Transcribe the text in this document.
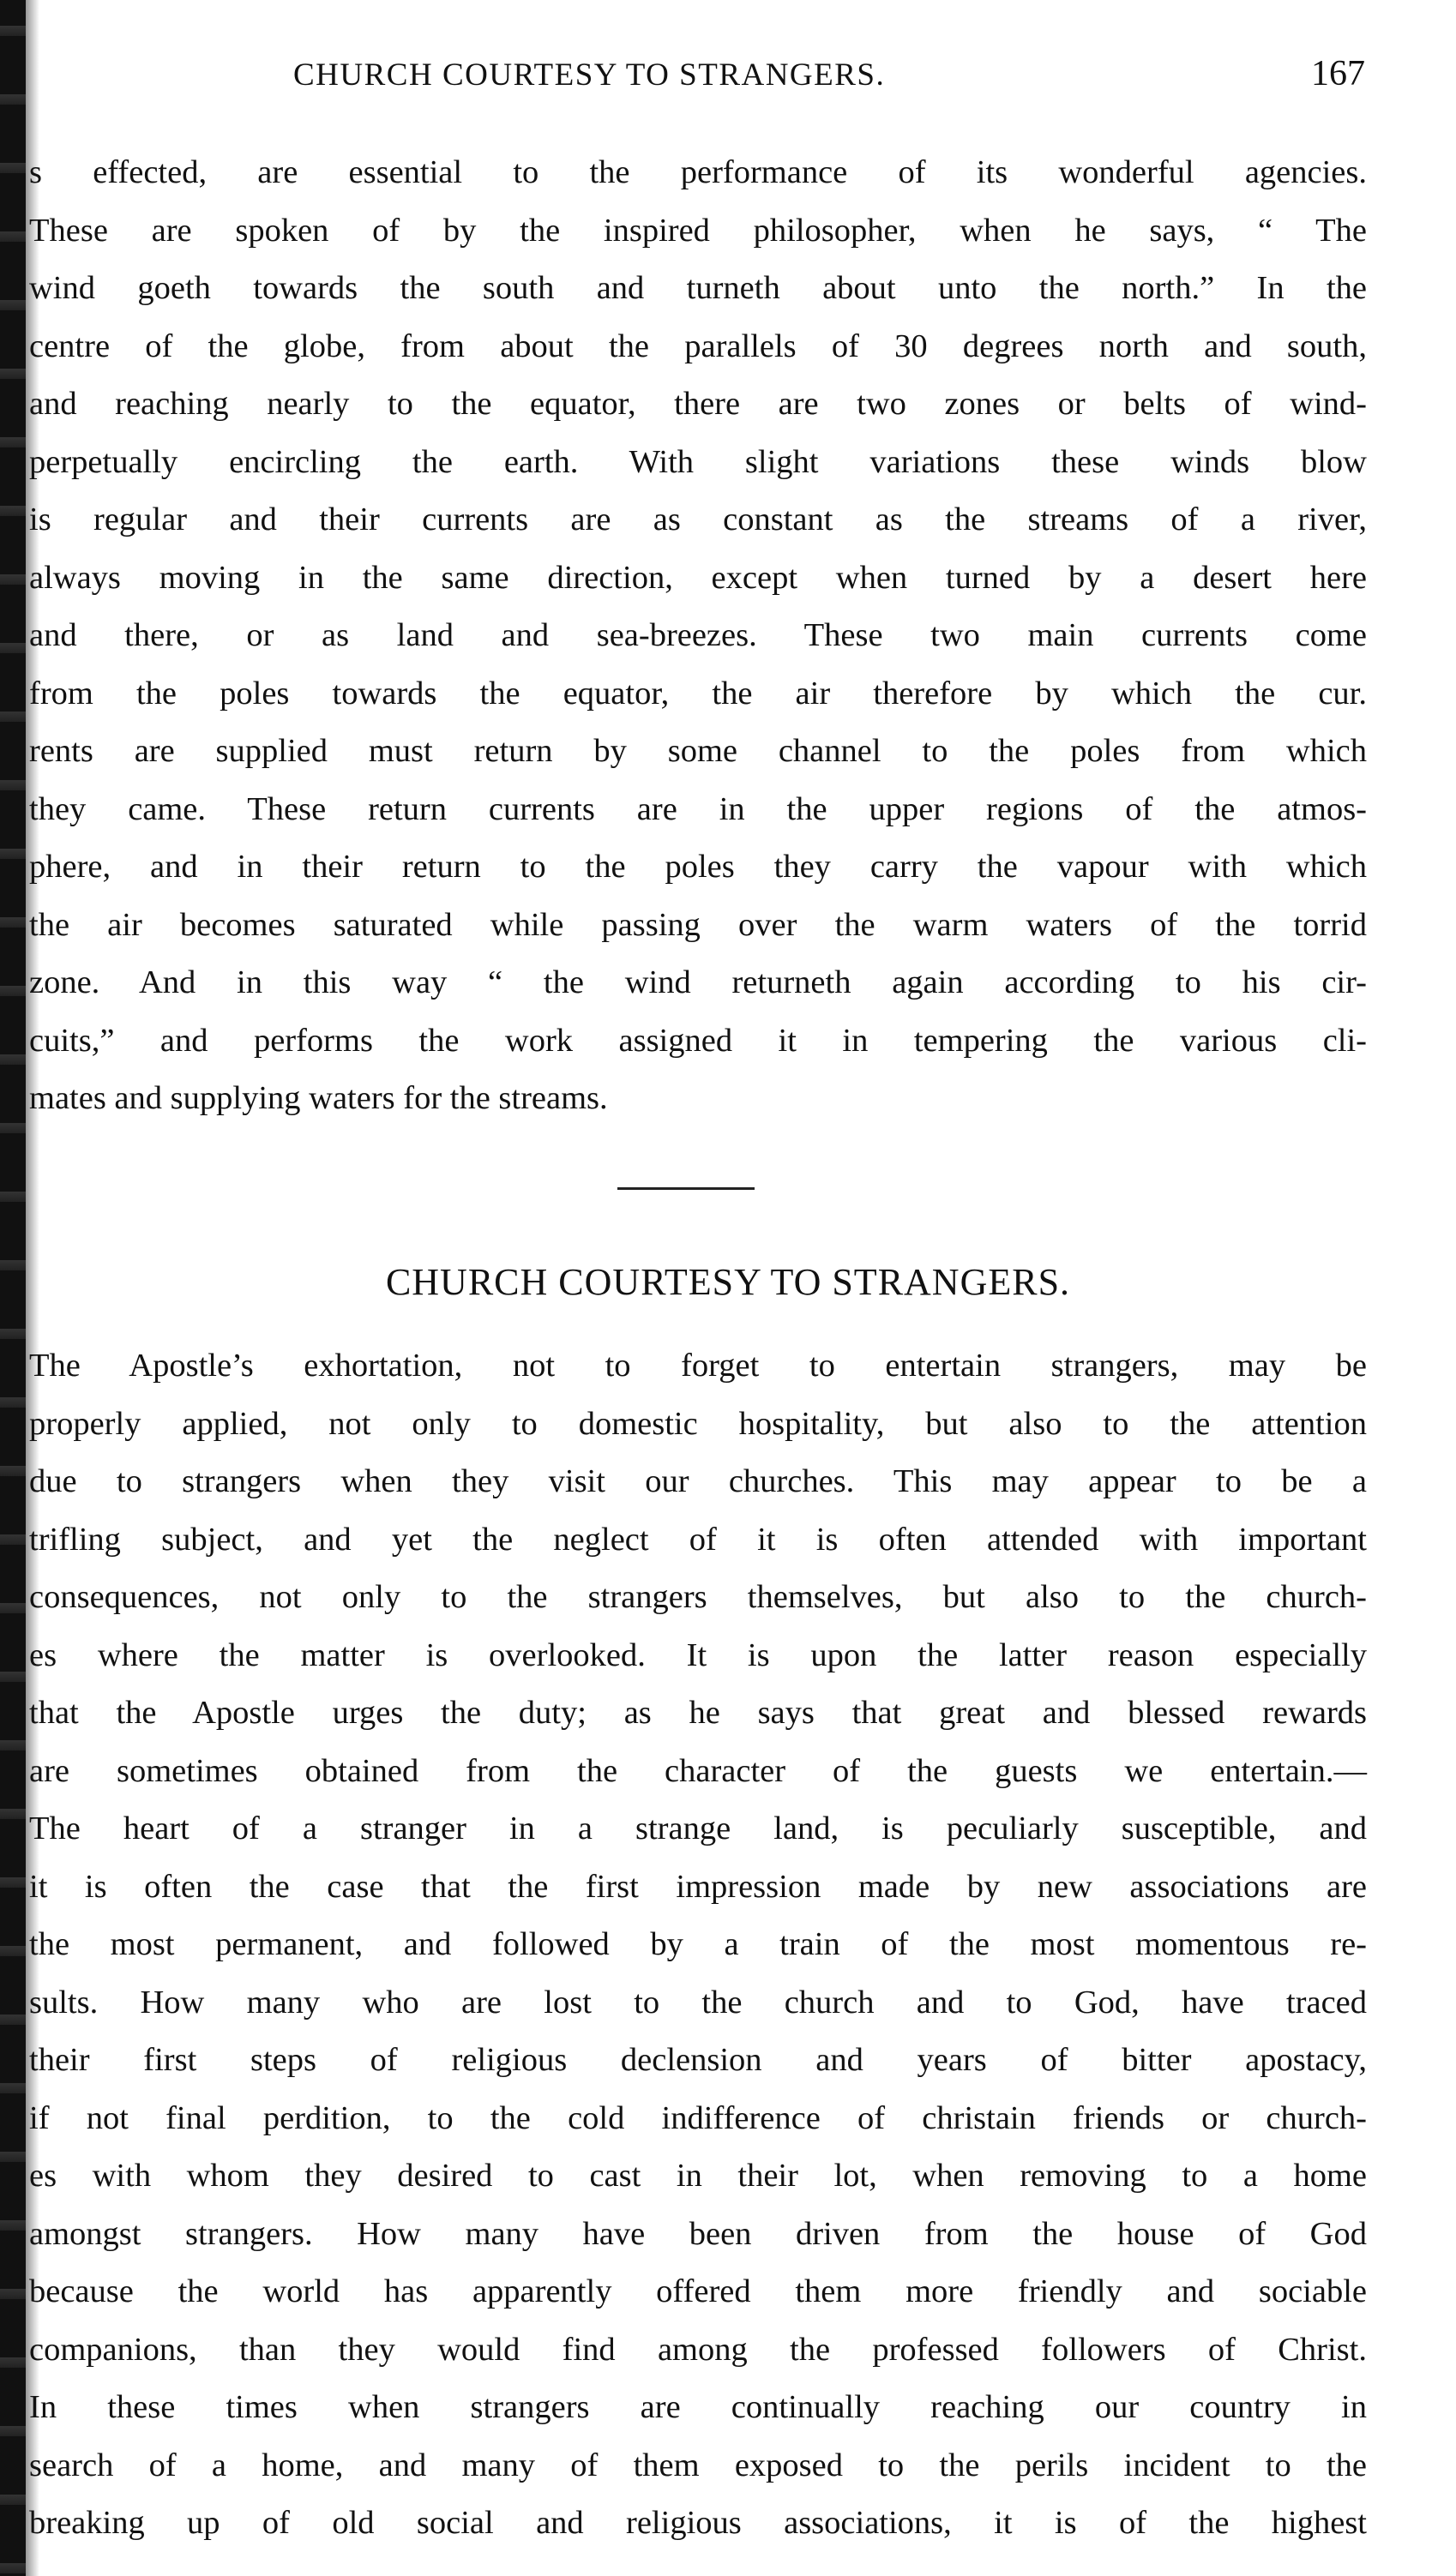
CHURCH COURTESY TO STRANGERS.	167
s effected, are essential to the performance of its wonderful agencies.
These are spoken of by the inspired philosopher, when he says, “ The
wind goeth towards the south and turneth about unto the north.” In the
centre of the globe, from about the parallels of 30 degrees north and south,
and reaching nearly to the equator, there are two zones or belts of wind-
perpetually encircling the earth. With slight variations these winds blow
is regular and their currents are as constant as the streams of a river,
always moving in the same direction, except when turned by a desert here
and there, or as land and sea-breezes. These two main currents come
from the poles towards the equator, the air therefore by which the cur.
rents are supplied must return by some channel to the poles from which
they came. These return currents are in the upper regions of the atmos-
phere, and in their return to the poles they carry the vapour with which
the air becomes saturated while passing over the warm waters of the torrid
zone. And in this way “ the wind returneth again according to his cir-
cuits,” and performs the work assigned it in tempering the various cli-
mates and supplying waters for the streams.
CHURCH COURTESY TO STRANGERS.
The Apostle’s exhortation, not to forget to entertain strangers, may be
properly applied, not only to domestic hospitality, but also to the attention
due to strangers when they visit our churches. This may appear to be a
trifling subject, and yet the neglect of it is often attended with important
consequences, not only to the strangers themselves, but also to the church-
es where the matter is overlooked. It is upon the latter reason especially
that the Apostle urges the duty; as he says that great and blessed rewards
are sometimes obtained from the character of the guests we entertain.—
The heart of a stranger in a strange land, is peculiarly susceptible, and
it is often the case that the first impression made by new associations are
the most permanent, and followed by a train of the most momentous re-
sults. How many who are lost to the church and to God, have traced
their first steps of religious declension and years of bitter apostacy,
if not final perdition, to the cold indifference of christain friends or church-
es with whom they desired to cast in their lot, when removing to a home
amongst strangers. How many have been driven from the house of God
because the world has apparently offered them more friendly and sociable
companions, than they would find among the professed followers of Christ.
In these times when strangers are continually reaching our country in
search of a home, and many of them exposed to the perils incident to the
breaking up of old social and religious associations, it is of the highest
